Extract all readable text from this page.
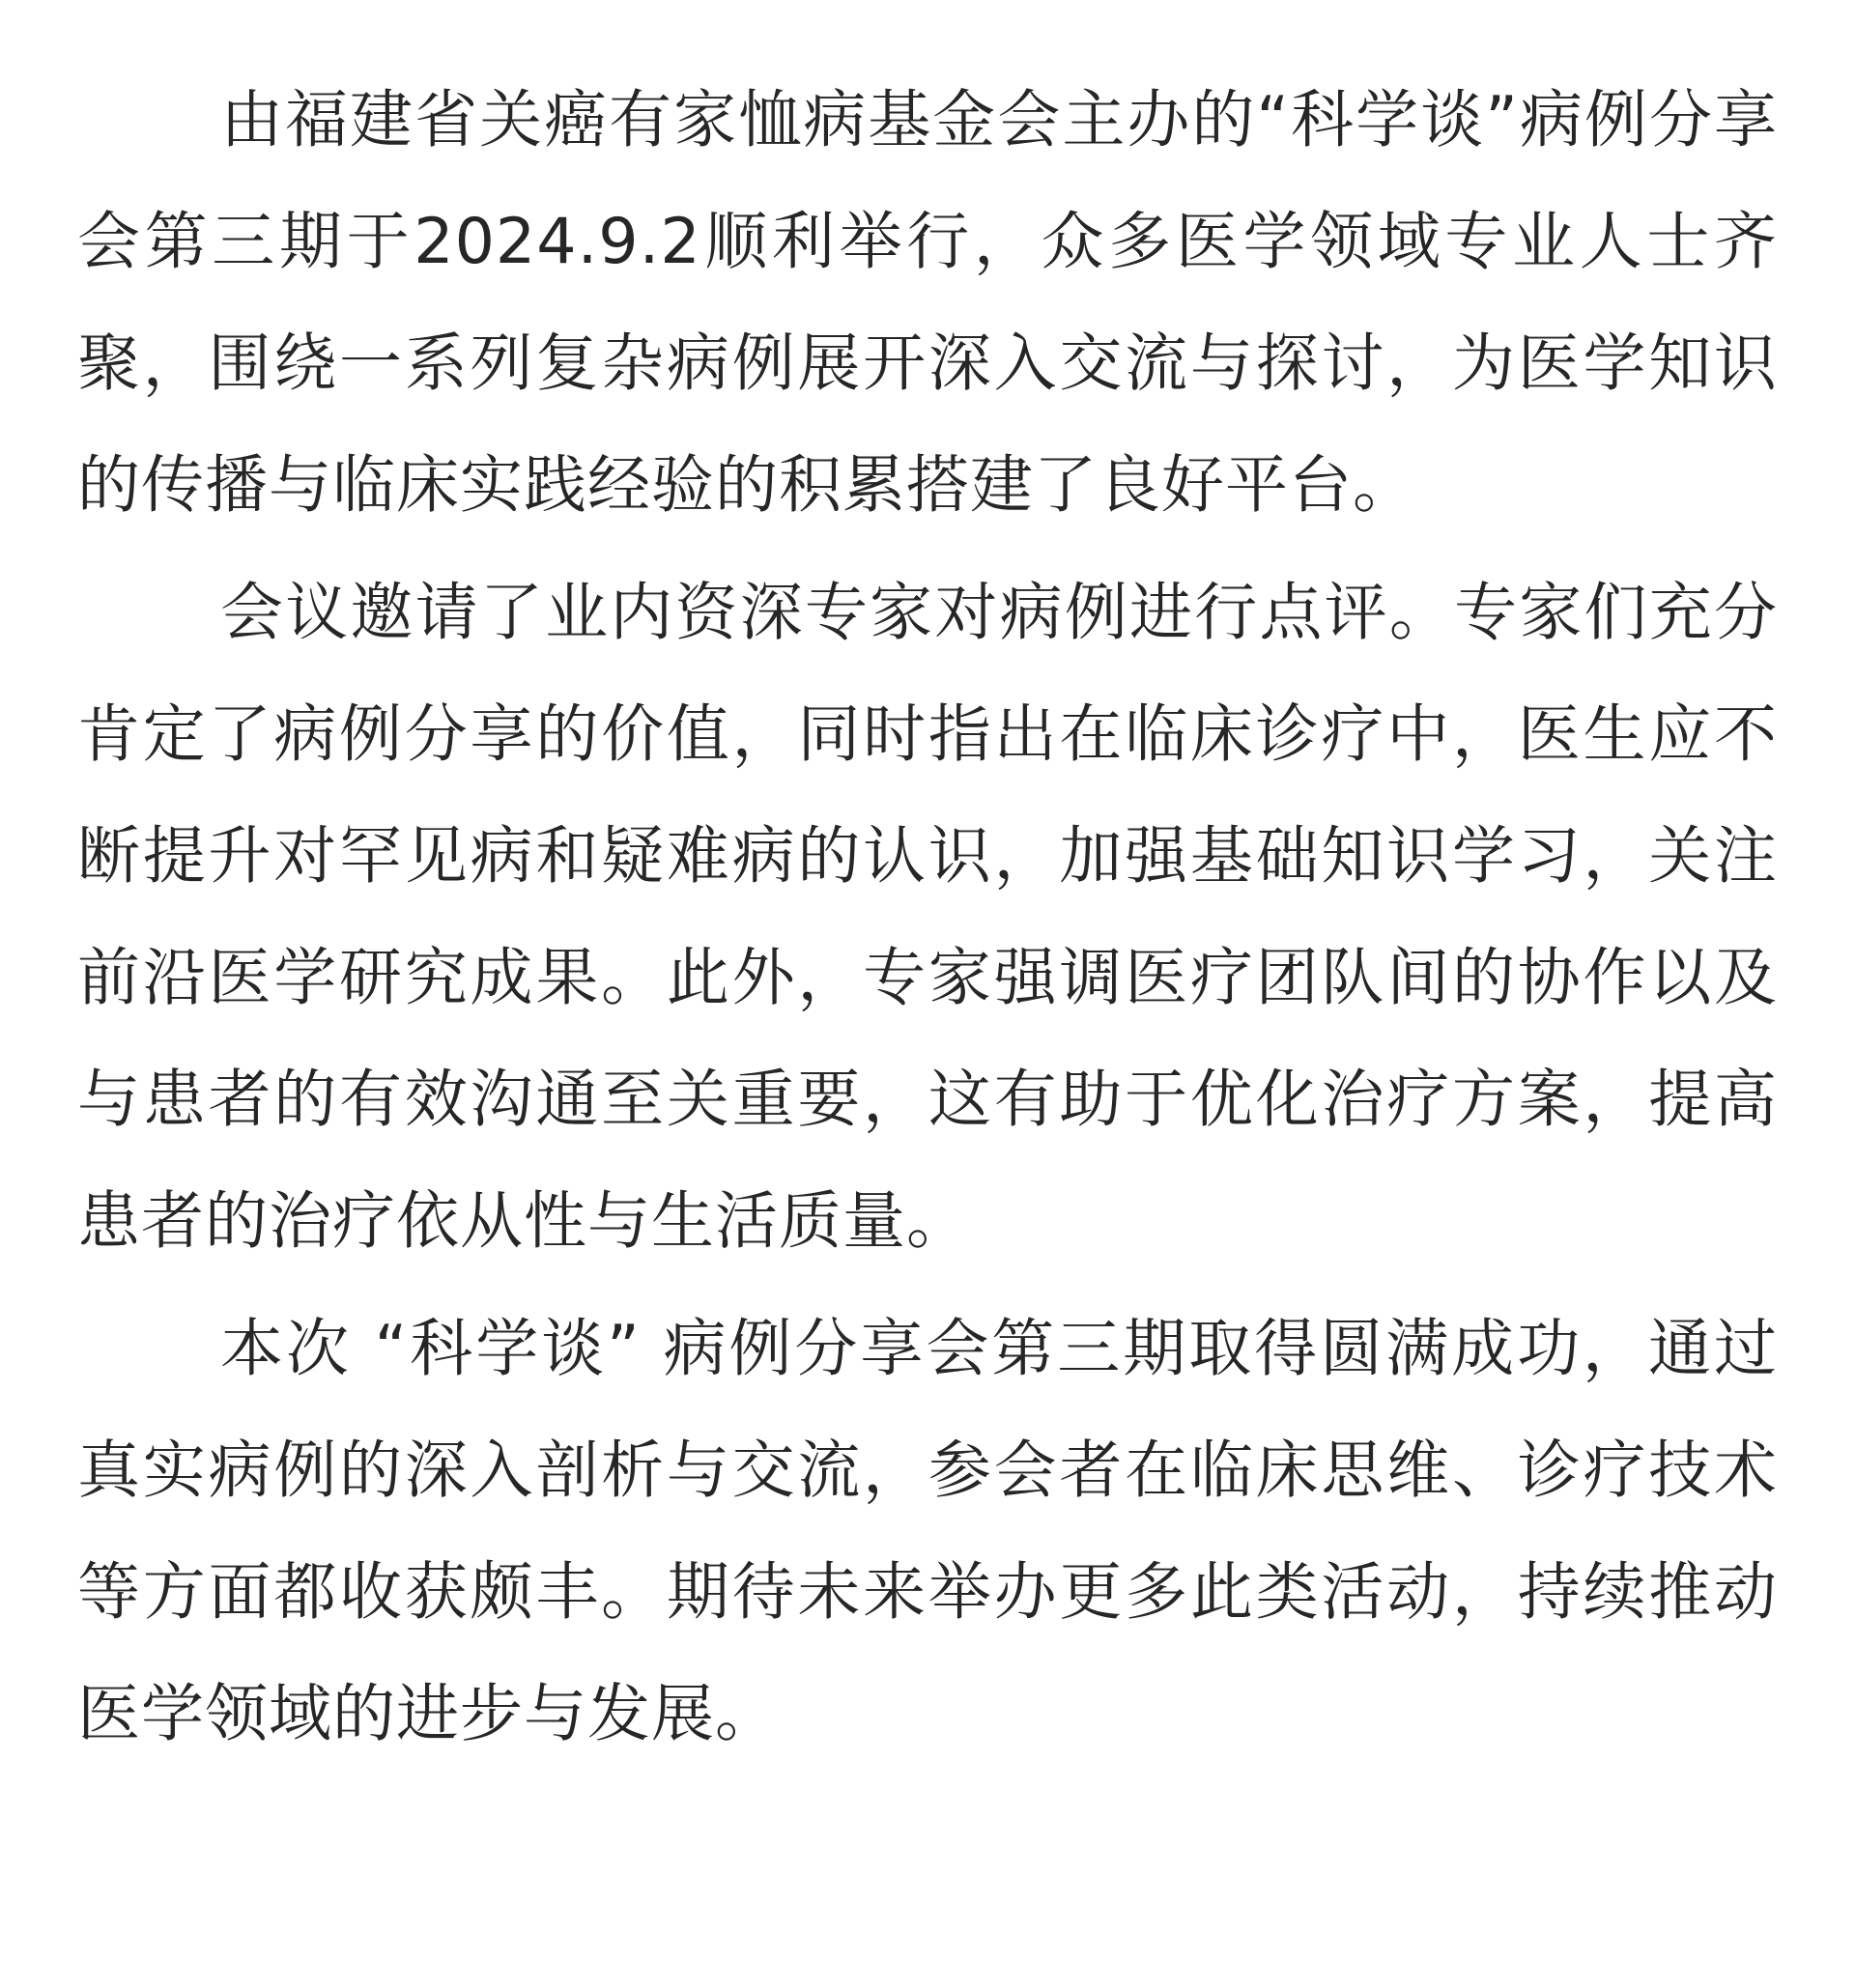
由福建省关癌有家恤病基金会主办的“科学谈”病例分享会第三期于2024.9.2顺利举行，众多医学领域专业人士齐聚，围绕一系列复杂病例展开深入交流与探讨，为医学知识的传播与临床实践经验的积累搭建了良好平台。

会议邀请了业内资深专家对病例进行点评。专家们充分肯定了病例分享的价值，同时指出在临床诊疗中，医生应不断提升对罕见病和疑难病的认识，加强基础知识学习，关注前沿医学研究成果。此外，专家强调医疗团队间的协作以及与患者的有效沟通至关重要，这有助于优化治疗方案，提高患者的治疗依从性与生活质量。

本次 “科学谈” 病例分享会第三期取得圆满成功，通过真实病例的深入剖析与交流，参会者在临床思维、诊疗技术等方面都收获颇丰。期待未来举办更多此类活动，持续推动医学领域的进步与发展。
